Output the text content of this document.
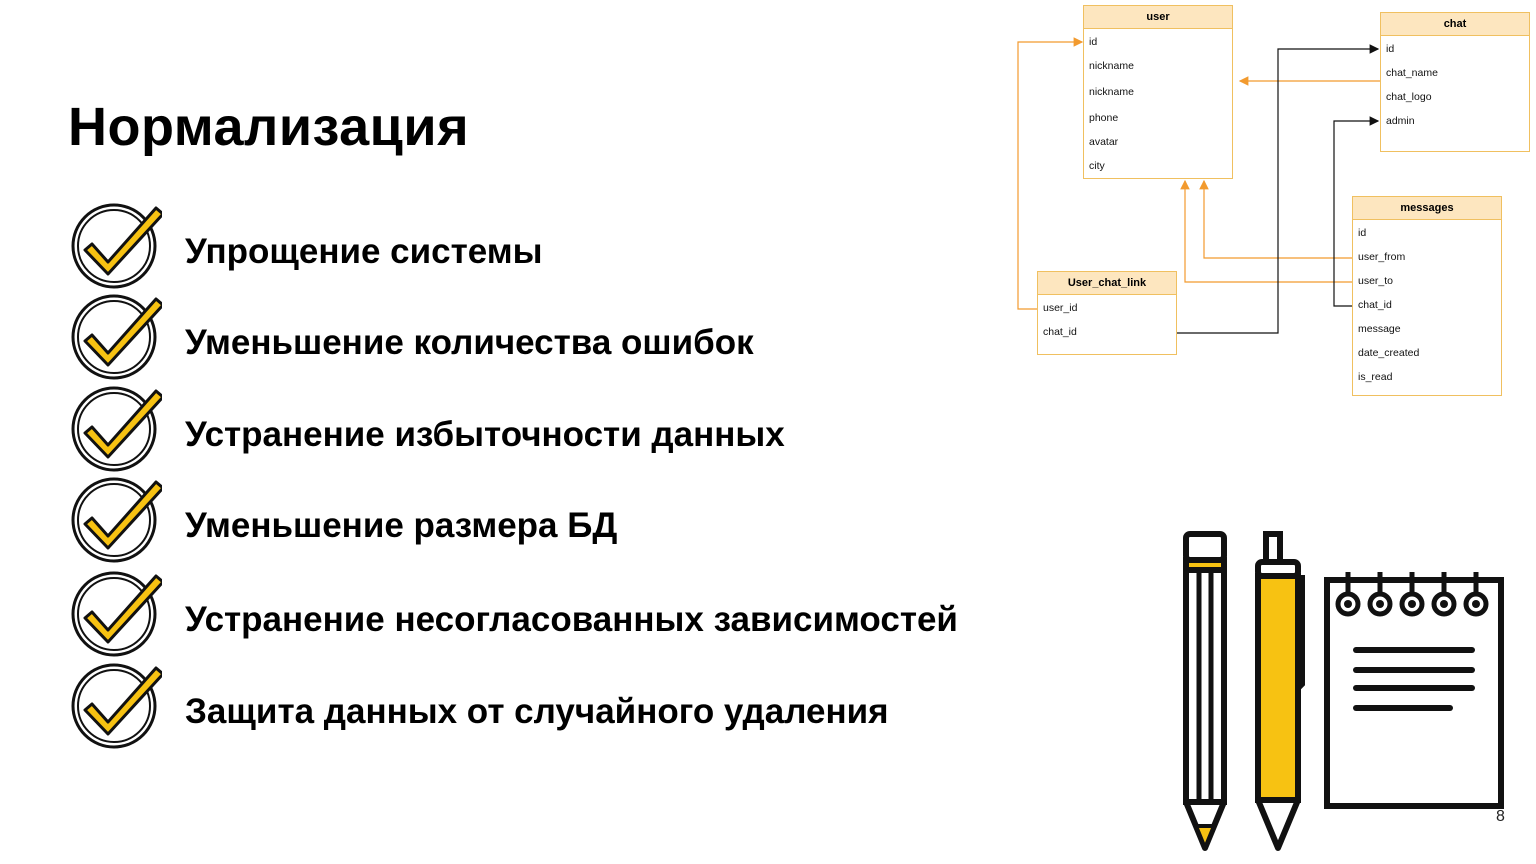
Нормализация
Упрощение системы
Уменьшение количества ошибок
Устранение избыточности данных
Уменьшение размера БД
Устранение несогласованных зависимостей
Защита данных от случайного удаления
user
id
nickname
nickname
phone
avatar
city
chat
id
chat_name
chat_logo
admin
messages
id
user_from
user_to
chat_id
message
date_created
is_read
User_chat_link
user_id
chat_id
8
